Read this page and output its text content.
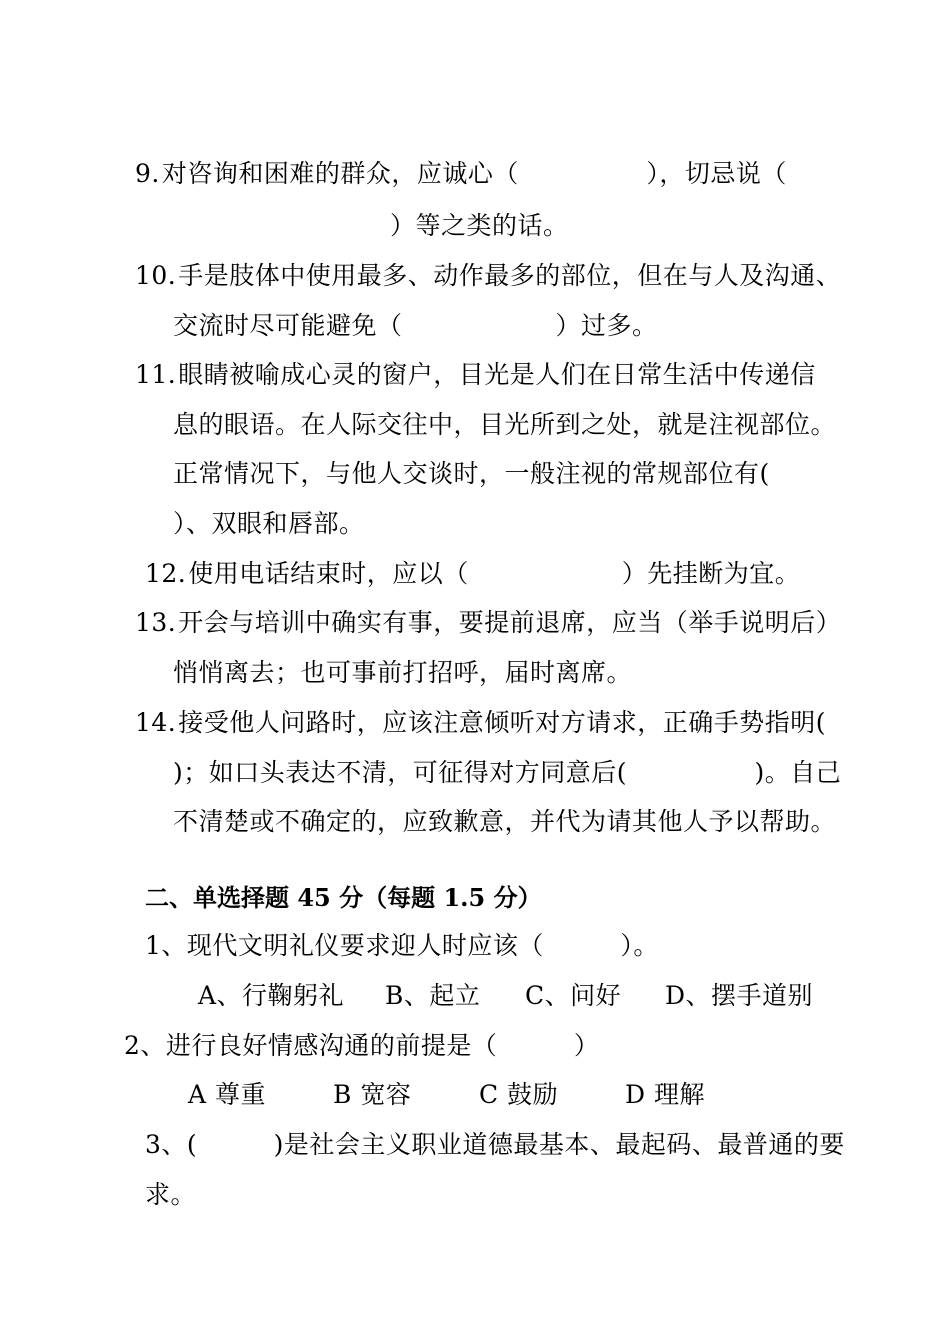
9.对咨询和困难的群众，应诚心（　　　　　），切忌说（
）等之类的话。
10.手是肢体中使用最多、动作最多的部位，但在与人及沟通、
交流时尽可能避免（　　　　　　）过多。
11.眼睛被喻成心灵的窗户，目光是人们在日常生活中传递信
息的眼语。在人际交往中，目光所到之处，就是注视部位。
正常情况下，与他人交谈时，一般注视的常规部位有(
）、双眼和唇部。
12.使用电话结束时，应以（　　　　　　）先挂断为宜。
13.开会与培训中确实有事，要提前退席，应当（举手说明后）
悄悄离去；也可事前打招呼，届时离席。
14.接受他人问路时，应该注意倾听对方请求，正确手势指明(
)；如口头表达不清，可征得对方同意后(　　　　　)。自己
不清楚或不确定的，应致歉意，并代为请其他人予以帮助。
二、单选择题 45 分（每题 1.5 分）
1、现代文明礼仪要求迎人时应该（　　　）。
A、行鞠躬礼 B、起立 C、问好 D、摆手道别
2、进行良好情感沟通的前提是（　　　）
A 尊重	B 宽容	C 鼓励	D 理解
3、(　　　)是社会主义职业道德最基本、最起码、最普通的要
求。
